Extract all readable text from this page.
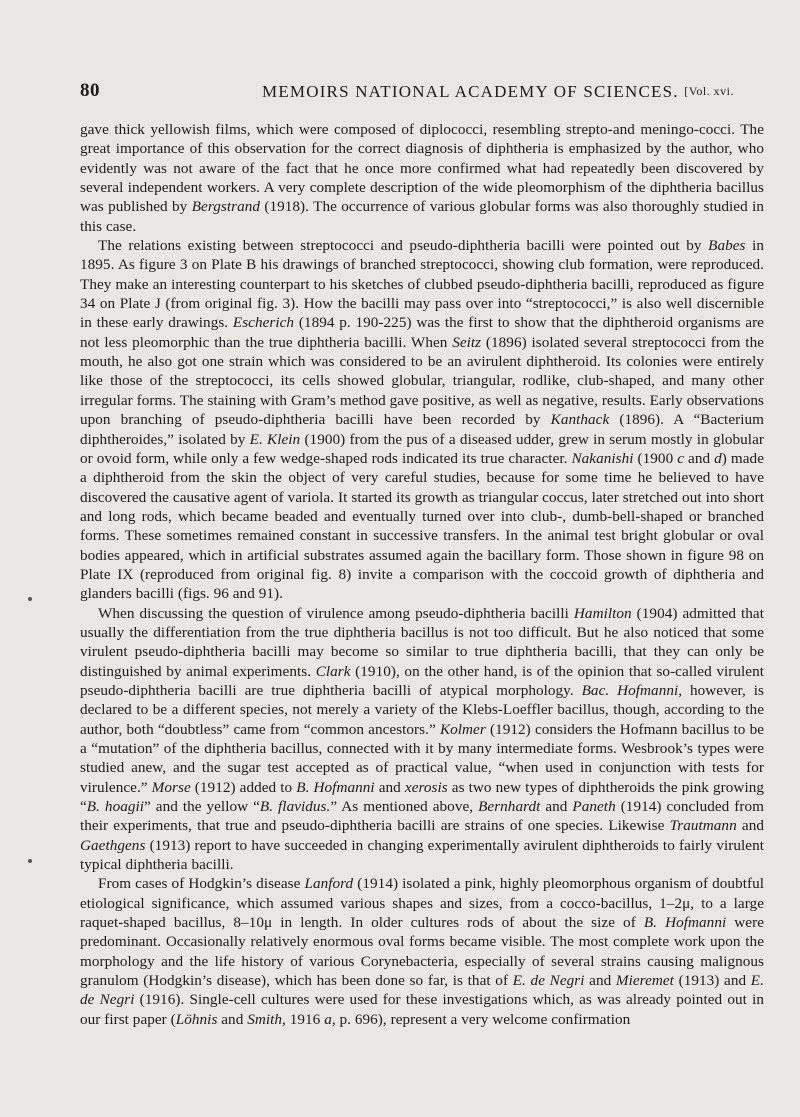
80	MEMOIRS NATIONAL ACADEMY OF SCIENCES. [Vol. xvi.

gave thick yellowish films, which were composed of diplococci, resembling strepto-and meningo-cocci. The great importance of this observation for the correct diagnosis of diphtheria is emphasized by the author, who evidently was not aware of the fact that he once more confirmed what had repeatedly been discovered by several independent workers. A very complete description of the wide pleomorphism of the diphtheria bacillus was published by Bergstrand (1918). The occurrence of various globular forms was also thoroughly studied in this case.

The relations existing between streptococci and pseudo-diphtheria bacilli were pointed out by Babes in 1895. As figure 3 on Plate B his drawings of branched streptococci, showing club formation, were reproduced. They make an interesting counterpart to his sketches of clubbed pseudo-diphtheria bacilli, reproduced as figure 34 on Plate J (from original fig. 3). How the bacilli may pass over into “streptococci,” is also well discernible in these early drawings. Escherich (1894 p. 190-225) was the first to show that the diphtheroid organisms are not less pleomorphic than the true diphtheria bacilli. When Seitz (1896) isolated several streptococci from the mouth, he also got one strain which was considered to be an avirulent diphtheroid. Its colonies were entirely like those of the streptococci, its cells showed globular, triangular, rodlike, club-shaped, and many other irregular forms. The staining with Gram’s method gave positive, as well as negative, results. Early observations upon branching of pseudo-diphtheria bacilli have been recorded by Kanthack (1896). A “Bacterium diphtheroides,” isolated by E. Klein (1900) from the pus of a diseased udder, grew in serum mostly in globular or ovoid form, while only a few wedge-shaped rods indicated its true character. Nakanishi (1900 c and d) made a diphtheroid from the skin the object of very careful studies, because for some time he believed to have discovered the causative agent of variola. It started its growth as triangular coccus, later stretched out into short and long rods, which became beaded and eventually turned over into club-, dumb-bell-shaped or branched forms. These sometimes remained constant in successive transfers. In the animal test bright globular or oval bodies appeared, which in artificial substrates assumed again the bacillary form. Those shown in figure 98 on Plate IX (reproduced from original fig. 8) invite a comparison with the coccoid growth of diphtheria and glanders bacilli (figs. 96 and 91).

When discussing the question of virulence among pseudo-diphtheria bacilli Hamilton (1904) admitted that usually the differentiation from the true diphtheria bacillus is not too difficult. But he also noticed that some virulent pseudo-diphtheria bacilli may become so similar to true diphtheria bacilli, that they can only be distinguished by animal experiments. Clark (1910), on the other hand, is of the opinion that so-called virulent pseudo-diphtheria bacilli are true diphtheria bacilli of atypical morphology. Bac. Hofmanni, however, is declared to be a different species, not merely a variety of the Klebs-Loeffler bacillus, though, according to the author, both “doubtless” came from “common ancestors.” Kolmer (1912) considers the Hofmann bacillus to be a “mutation” of the diphtheria bacillus, connected with it by many intermediate forms. Wesbrook’s types were studied anew, and the sugar test accepted as of practical value, “when used in conjunction with tests for virulence.” Morse (1912) added to B. Hofmanni and xerosis as two new types of diphtheroids the pink growing “B. hoagii” and the yellow “B. flavidus.” As mentioned above, Bernhardt and Paneth (1914) concluded from their experiments, that true and pseudo-diphtheria bacilli are strains of one species. Likewise Trautmann and Gaethgens (1913) report to have succeeded in changing experimentally avirulent diphtheroids to fairly virulent typical diphtheria bacilli.

From cases of Hodgkin’s disease Lanford (1914) isolated a pink, highly pleomorphous organism of doubtful etiological significance, which assumed various shapes and sizes, from a cocco-bacillus, 1–2μ, to a large raquet-shaped bacillus, 8–10μ in length. In older cultures rods of about the size of B. Hofmanni were predominant. Occasionally relatively enormous oval forms became visible. The most complete work upon the morphology and the life history of various Corynebacteria, especially of several strains causing malignous granulom (Hodgkin’s disease), which has been done so far, is that of E. de Negri and Mieremet (1913) and E. de Negri (1916). Single-cell cultures were used for these investigations which, as was already pointed out in our first paper (Löhnis and Smith, 1916 a, p. 696), represent a very welcome confirmation
